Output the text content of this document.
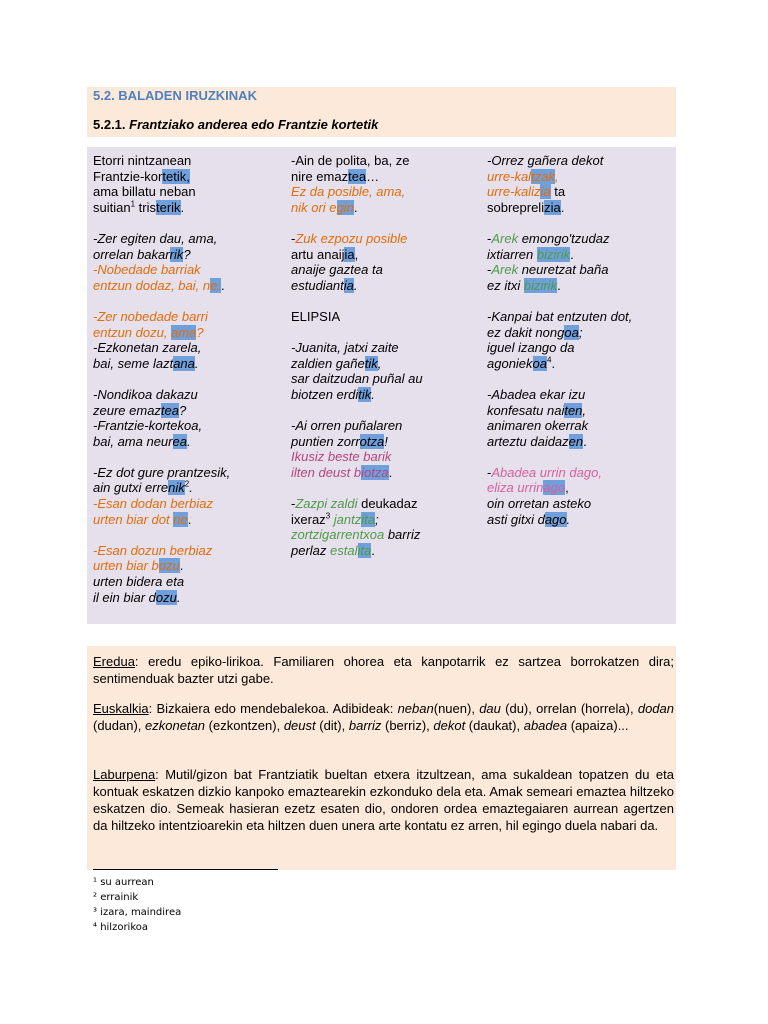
5.2. BALADEN IRUZKINAK
5.2.1. Frantziako anderea edo Frantzie kortetik

Etorri nintzanean

Frantzie-kortetik,

ama billatu neban

suitian$^1$ tristerik.

-Zer egiten dau, ama,

orrelan bakarrik?

-Nobedade barriak

entzun dodaz, bai, ne..

-Zer nobedade barri

entzun dozu, ama?

-Ezkonetan zarela,

bai, seme laztana.

-Nondikoa dakazu

zeure emaztea?

-Frantzie-kortekoa,

bai, ama neurea.

-Ez dot gure prantzesik,

ain gutxi errenik$^2$.

-Esan dodan berbiaz

urten biar dot ne.

-Esan dozun berbiaz

urten biar bozu.

urten bidera eta

il ein biar dozu.

-Ain de polita, ba, ze

nire emaztea…

Ez da posible, ama,

nik ori egin.

-Zuk ezpozu posible

artu anaijia,

anaije gaztea ta

estudiantia.

ELIPSIA

-Juanita, jatxi zaite

zaldien gañetik,

sar daitzudan puñal au

biotzen erditik.

-Ai orren puñalaren

puntien zorrotza!

Ikusiz beste barik

ilten deust biotza.

-Zazpi zaldi deukadaz

ixeraz$^3$ jantzita;

zortzigarrentxoa barriz

perlaz estalita.

-Orrez gañera dekot

urre-kaltzak,

urre-kalizia ta

sobreprelizia.

-Arek emongo'tzudaz

ixtiarren bizirik.

-Arek neuretzat baña

ez itxi bizirik.

-Kanpai bat entzuten dot,

ez dakit nongoa;

iguel izango da

agoniekoa$^4$.

-Abadea ekar izu

konfesatu naiten,

animaren okerrak

arteztu daidazen.

-Abadea urrin dago,

eliza urrinago,

oin orretan asteko

asti gitxi dago.

Eredua: eredu epiko-lirikoa. Familiaren ohorea eta kanpotarrik ez sartzea borrokatzen dira; sentimenduak bazter utzi gabe.

Euskalkia: Bizkaiera edo mendebalekoa. Adibideak: neban(nuen), dau (du), orrelan (horrela), dodan (dudan), ezkonetan (ezkontzen), deust (dit), barriz (berriz), dekot (daukat), abadea (apaiza)...

Laburpena: Mutil/gizon bat Frantziatik bueltan etxera itzultzean, ama sukaldean topatzen du eta kontuak eskatzen dizkio kanpoko emaztearekin ezkonduko dela eta. Amak semeari emaztea hiltzeko eskatzen dio. Semeak hasieran ezetz esaten dio, ondoren ordea emaztegaiaren aurrean agertzen da hiltzeko intentzioarekin eta hiltzen duen unera arte kontatu ez arren, hil egingo duela nabari da.

¹ su aurrean

² errainik

³ izara, maindirea

⁴ hilzorikoa
